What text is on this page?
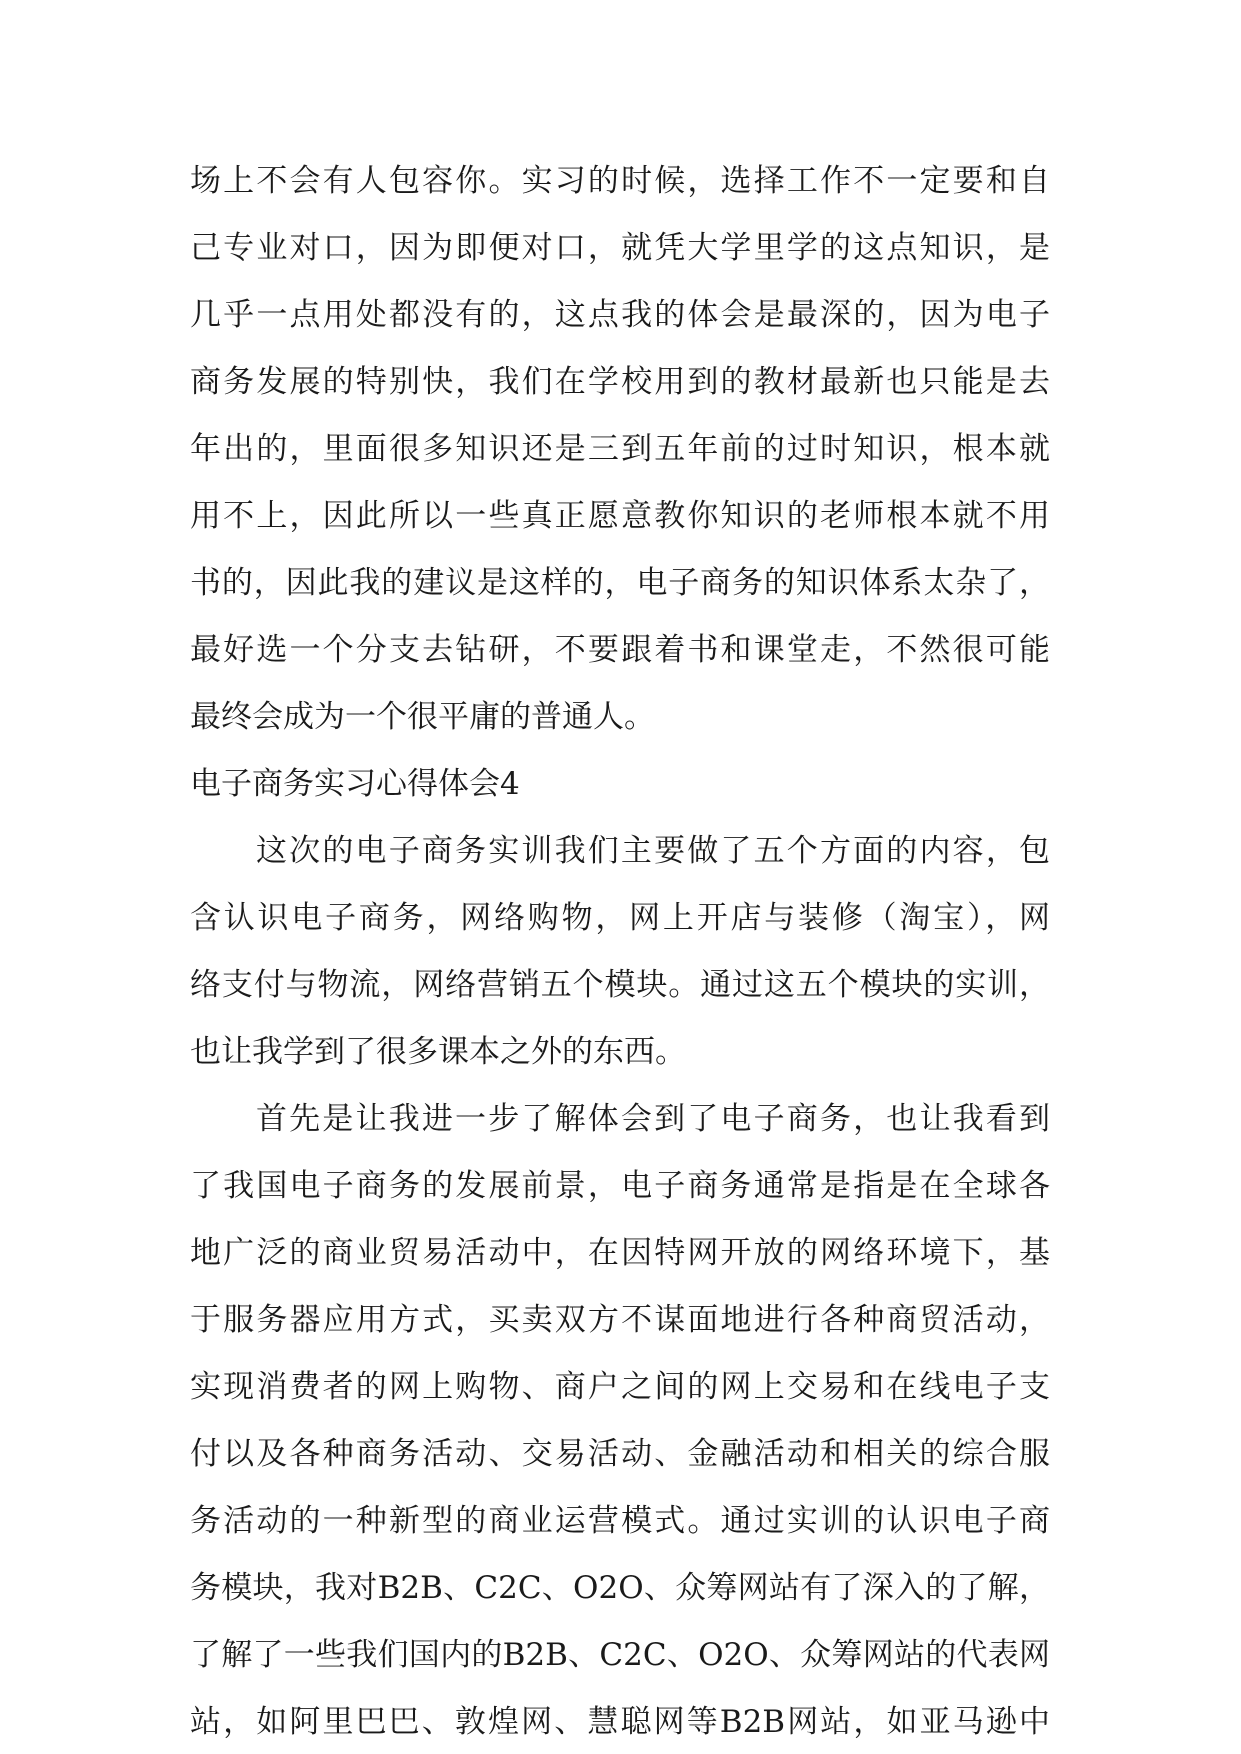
场上不会有人包容你。实习的时候，选择工作不一定要和自
己专业对口，因为即便对口，就凭大学里学的这点知识，是
几乎一点用处都没有的，这点我的体会是最深的，因为电子
商务发展的特别快，我们在学校用到的教材最新也只能是去
年出的，里面很多知识还是三到五年前的过时知识，根本就
用不上，因此所以一些真正愿意教你知识的老师根本就不用
书的，因此我的建议是这样的，电子商务的知识体系太杂了，
最好选一个分支去钻研，不要跟着书和课堂走，不然很可能
最终会成为一个很平庸的普通人。
电子商务实习心得体会4
这次的电子商务实训我们主要做了五个方面的内容，包
含认识电子商务，网络购物，网上开店与装修（淘宝），网
络支付与物流，网络营销五个模块。通过这五个模块的实训，
也让我学到了很多课本之外的东西。
首先是让我进一步了解体会到了电子商务，也让我看到
了我国电子商务的发展前景，电子商务通常是指是在全球各
地广泛的商业贸易活动中，在因特网开放的网络环境下，基
于服务器应用方式，买卖双方不谋面地进行各种商贸活动，
实现消费者的网上购物、商户之间的网上交易和在线电子支
付以及各种商务活动、交易活动、金融活动和相关的综合服
务活动的一种新型的商业运营模式。通过实训的认识电子商
务模块，我对B2B、C2C、O2O、众筹网站有了深入的了解，
了解了一些我们国内的B2B、C2C、O2O、众筹网站的代表网
站，如阿里巴巴、敦煌网、慧聪网等B2B网站，如亚马逊中
